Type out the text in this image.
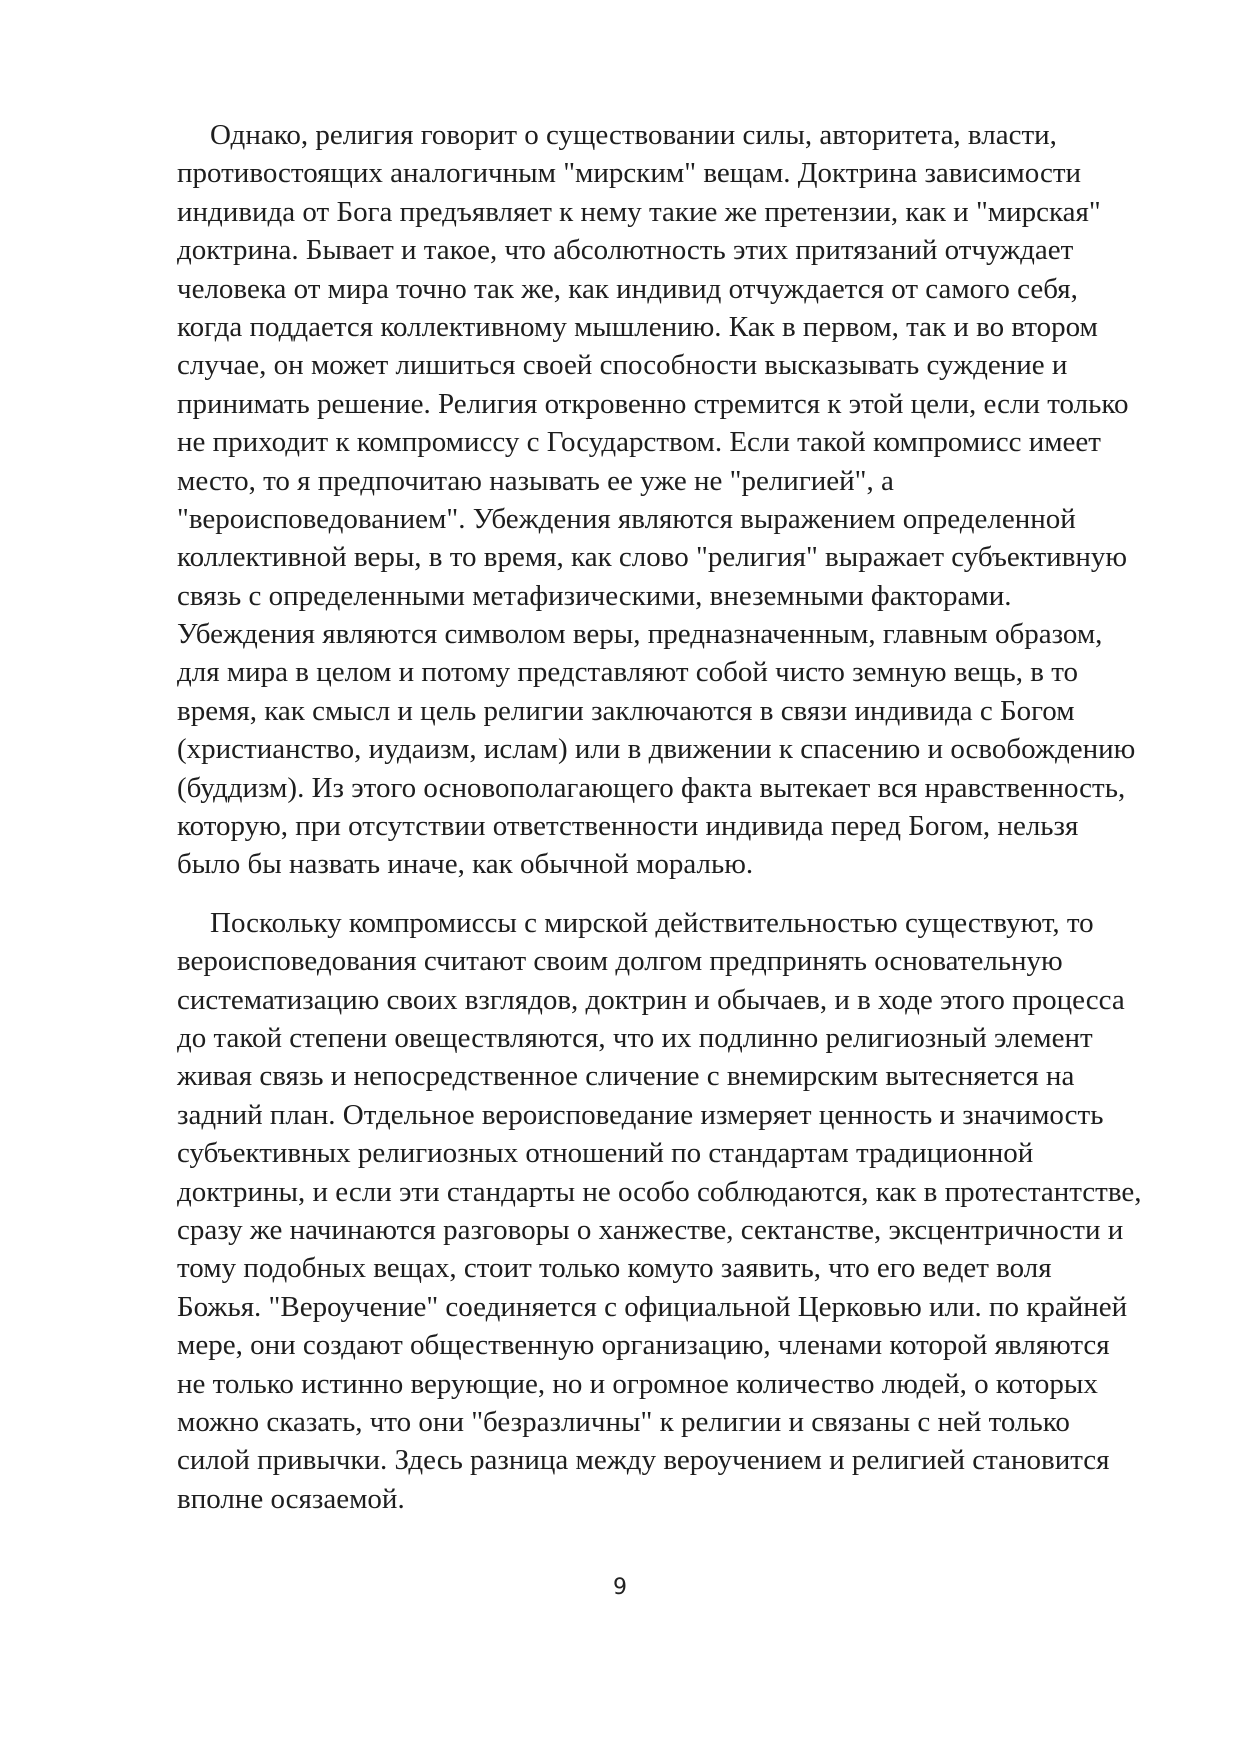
Однако, религия говорит о существовании силы, авторитета, власти,
противостоящих аналогичным "мирским" вещам. Доктрина зависимости
индивида от Бога предъявляет к нему такие же претензии, как и "мирская"
доктрина. Бывает и такое, что абсолютность этих притязаний отчуждает
человека от мира точно так же, как индивид отчуждается от самого себя,
когда поддается коллективному мышлению. Как в первом, так и во втором
случае, он может лишиться своей способности высказывать суждение и
принимать решение. Религия откровенно стремится к этой цели, если только
не приходит к компромиссу с Государством. Если такой компромисс имеет
место, то я предпочитаю называть ее уже не "религией", а
"вероисповедованием". Убеждения являются выражением определенной
коллективной веры, в то время, как слово "религия" выражает субъективную
связь с определенными метафизическими, внеземными факторами.
Убеждения являются символом веры, предназначенным, главным образом,
для мира в целом и потому представляют собой чисто земную вещь, в то
время, как смысл и цель религии заключаются в связи индивида с Богом
(христианство, иудаизм, ислам) или в движении к спасению и освобождению
(буддизм). Из этого основополагающего факта вытекает вся нравственность,
которую, при отсутствии ответственности индивида перед Богом, нельзя
было бы назвать иначе, как обычной моралью.
Поскольку компромиссы с мирской действительностью существуют, то
вероисповедования считают своим долгом предпринять основательную
систематизацию своих взглядов, доктрин и обычаев, и в ходе этого процесса
до такой степени овеществляются, что их подлинно религиозный элемент
живая связь и непосредственное сличение с внемирским вытесняется на
задний план. Отдельное вероисповедание измеряет ценность и значимость
субъективных религиозных отношений по стандартам традиционной
доктрины, и если эти стандарты не особо соблюдаются, как в протестантстве,
сразу же начинаются разговоры о ханжестве, сектанстве, эксцентричности и
тому подобных вещах, стоит только комуто заявить, что его ведет воля
Божья. "Вероучение" соединяется с официальной Церковью или. по крайней
мере, они создают общественную организацию, членами которой являются
не только истинно верующие, но и огромное количество людей, о которых
можно сказать, что они "безразличны" к религии и связаны с ней только
силой привычки. Здесь разница между вероучением и религией становится
вполне осязаемой.
9
